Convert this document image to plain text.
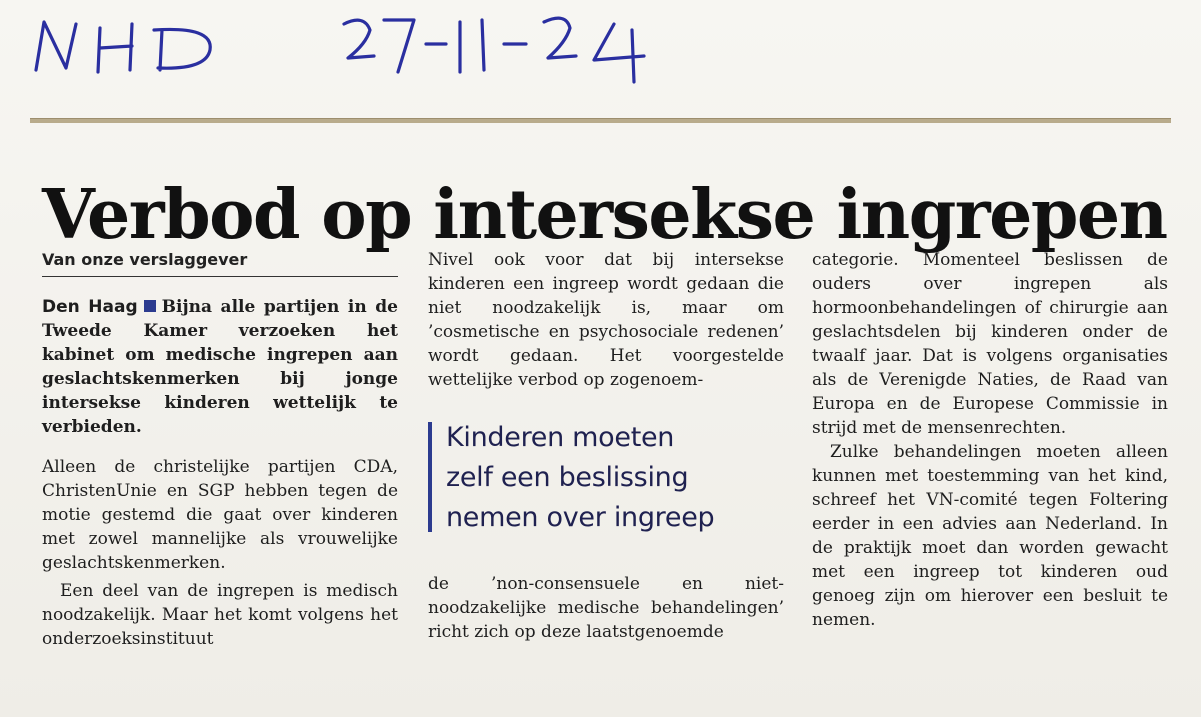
Verbod op intersekse ingrepen
Van onze verslaggever

Den Haag Bijna alle partijen in de Tweede Kamer verzoeken het kabinet om medische ingrepen aan geslachtskenmerken bij jonge intersekse kinderen wettelijk te verbieden.

Alleen de christelijke partijen CDA, ChristenUnie en SGP hebben tegen de motie gestemd die gaat over kinderen met zowel mannelijke als vrouwelijke geslachtskenmerken.

Een deel van de ingrepen is medisch noodzakelijk. Maar het komt volgens het onderzoeksinstituut

Nivel ook voor dat bij intersekse kinderen een ingreep wordt gedaan die niet noodzakelijk is, maar om ’cosmetische en psychosociale redenen’ wordt gedaan. Het voorgestelde wettelijke verbod op zogenoem-

Kinderen moeten
zelf een beslissing
nemen over ingreep

de ’non-consensuele en niet-noodzakelijke medische behandelingen’ richt zich op deze laatstgenoemde

categorie. Momenteel beslissen de ouders over ingrepen als hormoonbehandelingen of chirurgie aan geslachtsdelen bij kinderen onder de twaalf jaar. Dat is volgens organisaties als de Verenigde Naties, de Raad van Europa en de Europese Commissie in strijd met de mensenrechten.

Zulke behandelingen moeten alleen kunnen met toestemming van het kind, schreef het VN-comité tegen Foltering eerder in een advies aan Nederland. In de praktijk moet dan worden gewacht met een ingreep tot kinderen oud genoeg zijn om hierover een besluit te nemen.
